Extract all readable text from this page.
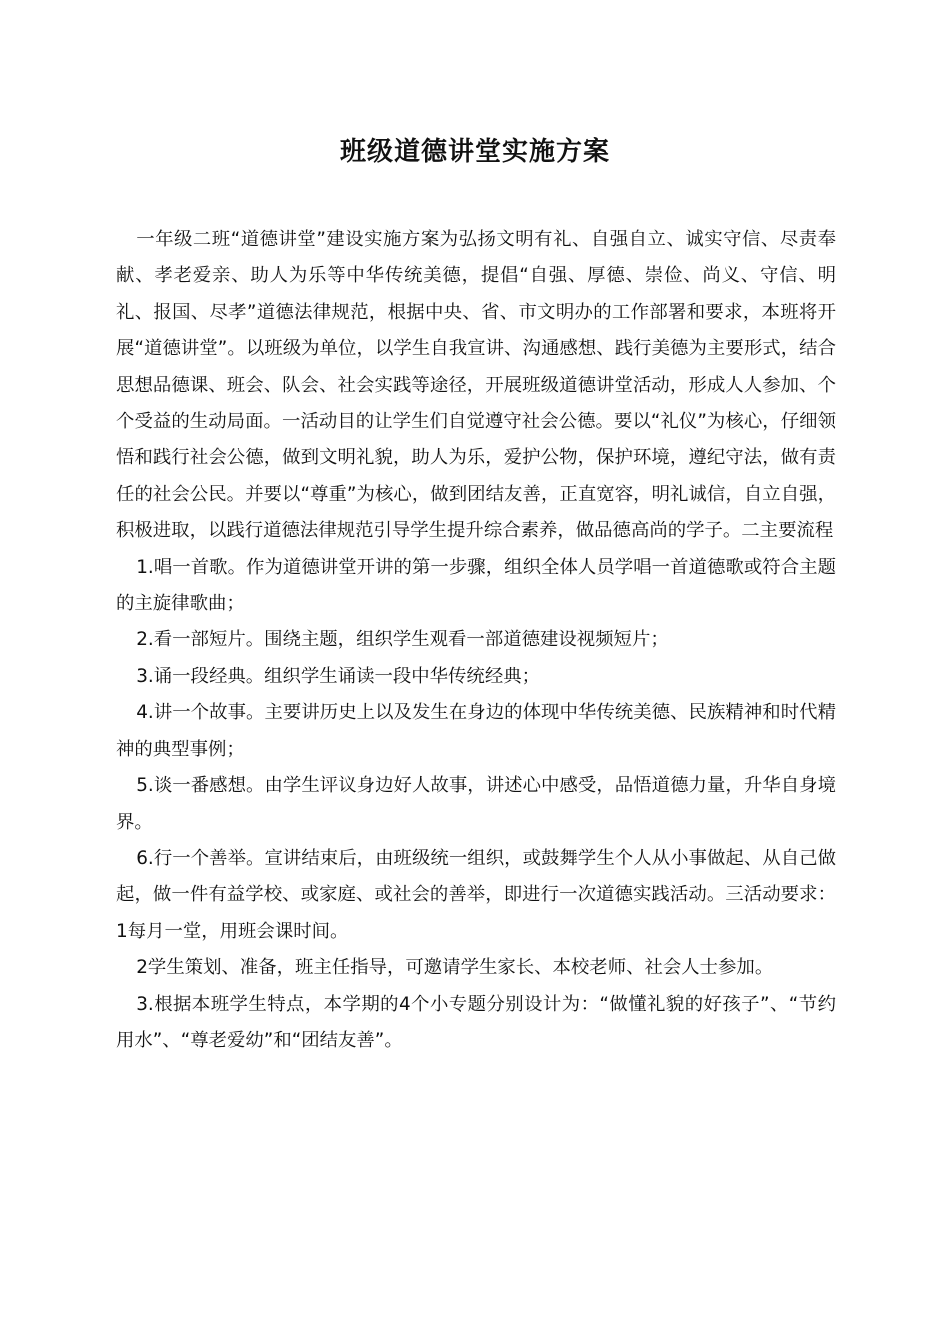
班级道德讲堂实施方案

一年级二班“道德讲堂”建设实施方案为弘扬文明有礼、自强自立、诚实守信、尽责奉献、孝老爱亲、助人为乐等中华传统美德，提倡“自强、厚德、崇俭、尚义、守信、明礼、报国、尽孝”道德法律规范，根据中央、省、市文明办的工作部署和要求，本班将开展“道德讲堂”。以班级为单位，以学生自我宣讲、沟通感想、践行美德为主要形式，结合思想品德课、班会、队会、社会实践等途径，开展班级道德讲堂活动，形成人人参加、个个受益的生动局面。一活动目的让学生们自觉遵守社会公德。要以“礼仪”为核心，仔细领悟和践行社会公德，做到文明礼貌，助人为乐，爱护公物，保护环境，遵纪守法，做有责任的社会公民。并要以“尊重”为核心，做到团结友善，正直宽容，明礼诚信，自立自强，积极进取，以践行道德法律规范引导学生提升综合素养，做品德高尚的学子。二主要流程

1.唱一首歌。作为道德讲堂开讲的第一步骤，组织全体人员学唱一首道德歌或符合主题的主旋律歌曲；

2.看一部短片。围绕主题，组织学生观看一部道德建设视频短片；

3.诵一段经典。组织学生诵读一段中华传统经典；

4.讲一个故事。主要讲历史上以及发生在身边的体现中华传统美德、民族精神和时代精神的典型事例；

5.谈一番感想。由学生评议身边好人故事，讲述心中感受，品悟道德力量，升华自身境界。

6.行一个善举。宣讲结束后，由班级统一组织，或鼓舞学生个人从小事做起、从自己做起，做一件有益学校、或家庭、或社会的善举，即进行一次道德实践活动。三活动要求：1每月一堂，用班会课时间。

2学生策划、准备，班主任指导，可邀请学生家长、本校老师、社会人士参加。

3.根据本班学生特点，本学期的4个小专题分别设计为：“做懂礼貌的好孩子”、“节约用水”、“尊老爱幼”和“团结友善”。
